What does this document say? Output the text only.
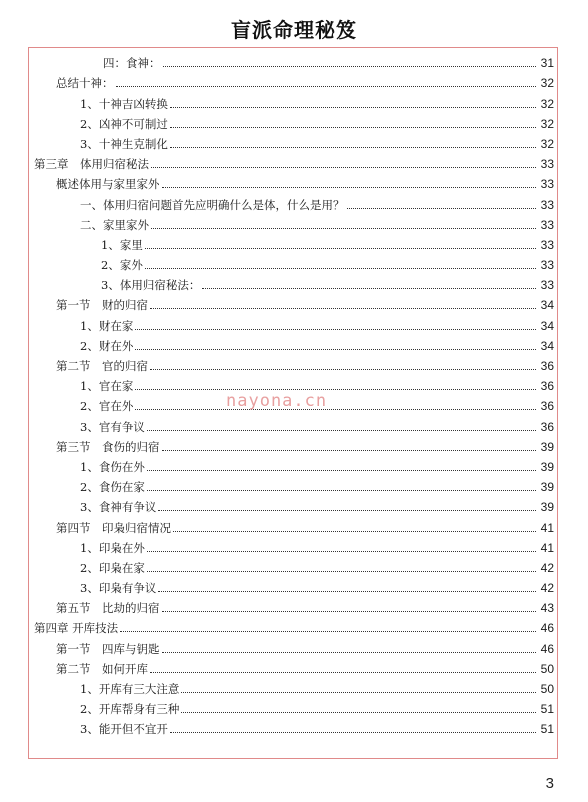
盲派命理秘笈
四：食神：	31
总结十神：	32
1、十神吉凶转换	32
2、凶神不可制过	32
3、十神生克制化	32
第三章　体用归宿秘法	33
概述体用与家里家外	33
一、体用归宿问题首先应明确什么是体，什么是用？	33
二、家里家外	33
1、家里	33
2、家外	33
3、体用归宿秘法：	33
第一节　财的归宿	34
1、财在家	34
2、财在外	34
第二节　官的归宿	36
1、官在家	36
2、官在外	36
3、官有争议	36
第三节　食伤的归宿	39
1、食伤在外	39
2、食伤在家	39
3、食神有争议	39
第四节　印枭归宿情况	41
1、印枭在外	41
2、印枭在家	42
3、印枭有争议	42
第五节　比劫的归宿	43
第四章 开库技法	46
第一节　四库与钥匙	46
第二节　如何开库	50
1、开库有三大注意	50
2、开库帮身有三种	51
3、能开但不宜开	51
nayona.cn
3
